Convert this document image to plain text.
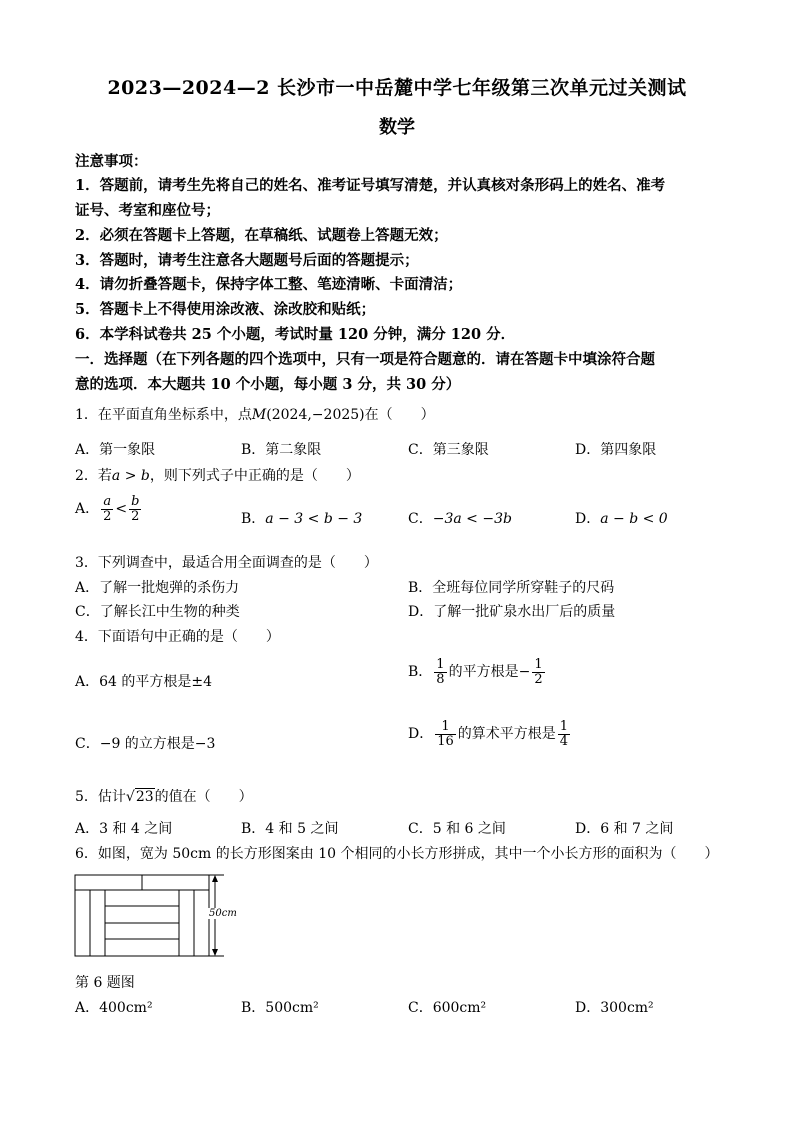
2023—2024—2 长沙市一中岳麓中学七年级第三次单元过关测试
数学
注意事项：
1．答题前，请考生先将自己的姓名、准考证号填写清楚，并认真核对条形码上的姓名、准考
证号、考室和座位号；
2．必须在答题卡上答题，在草稿纸、试题卷上答题无效；
3．答题时，请考生注意各大题题号后面的答题提示；
4．请勿折叠答题卡，保持字体工整、笔迹清晰、卡面清洁；
5．答题卡上不得使用涂改液、涂改胶和贴纸；
6．本学科试卷共 25 个小题，考试时量 120 分钟，满分 120 分．
一．选择题（在下列各题的四个选项中，只有一项是符合题意的．请在答题卡中填涂符合题
意的选项．本大题共 10 个小题，每小题 3 分，共 30 分）
1．在平面直角坐标系中，点M(2024,−2025)在（　　）
A．第一象限	B．第二象限	C．第三象限	D．第四象限
2．若a > b，则下列式子中正确的是（　　）
A． $\frac{a}{2} < \frac{b}{2}$	B．a − 3 < b − 3	C．−3a < −3b	D．a − b < 0
3．下列调查中，最适合用全面调查的是（　　）
A．了解一批炮弹的杀伤力	B．全班每位同学所穿鞋子的尺码
C．了解长江中生物的种类	D．了解一批矿泉水出厂后的质量
4．下面语句中正确的是（　　）
A．64 的平方根是±4
B． $\frac{1}{8}$ 的平方根是− $\frac{1}{2}$
C．−9 的立方根是−3
D． $\frac{1}{16}$ 的算术平方根是 $\frac{1}{4}$
5．估计√23的值在（　　）
A．3 和 4 之间	B．4 和 5 之间	C．5 和 6 之间	D．6 和 7 之间
6．如图，宽为 50cm 的长方形图案由 10 个相同的小长方形拼成，其中一个小长方形的面积为（　　）
50cm
第 6 题图
A．400cm²	B．500cm²	C．600cm²	D．300cm²
